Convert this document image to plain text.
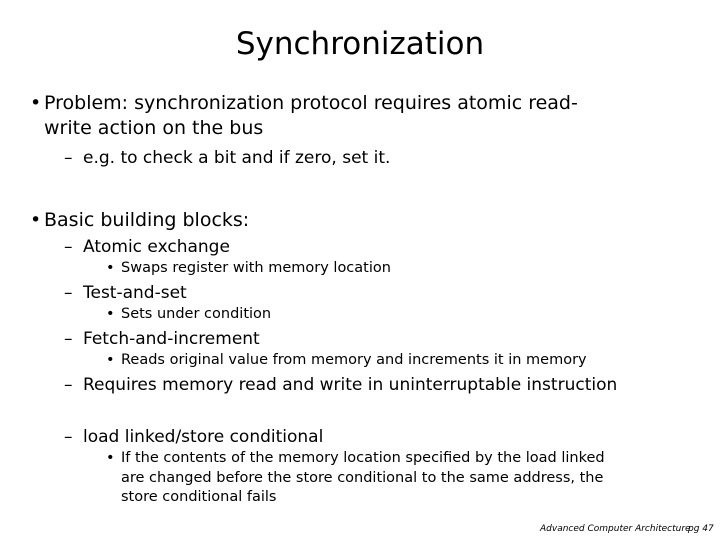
Synchronization
• Problem: synchronization protocol requires atomic read-
write action on the bus
– e.g. to check a bit and if zero, set it.
• Basic building blocks:
– Atomic exchange
• Swaps register with memory location
– Test-and-set
• Sets under condition
– Fetch-and-increment
• Reads original value from memory and increments it in memory
– Requires memory read and write in uninterruptable instruction
– load linked/store conditional
• If the contents of the memory location specified by the load linked
are changed before the store conditional to the same address, the
store conditional fails
Advanced Computer Architecture
pg 47
